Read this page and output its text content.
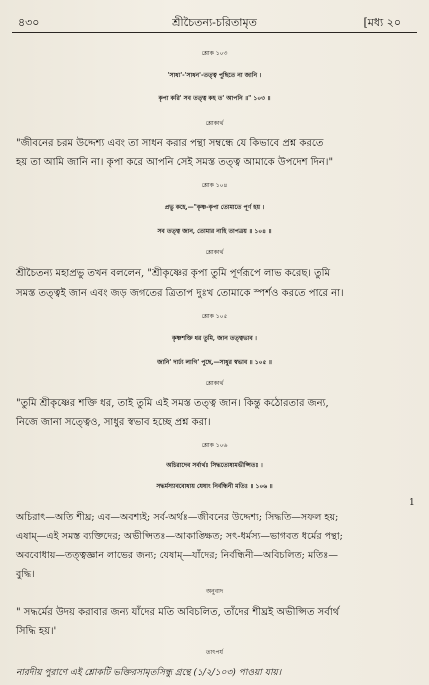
৪৩০	শ্রীচৈতন্য-চরিতামৃত	[মধ্য ২০
শ্লোক ১০৩
'সাধ্য'-'সাধন'-তত্ত্ব পুছিতে না জানি ।
কৃপা করি' সব তত্ত্ব কহ ত' আপনি ॥" ১০৩ ॥
শ্লোকার্থ
"জীবনের চরম উদ্দেশ্য এবং তা সাধন করার পন্থা সম্বন্ধে যে কিভাবে প্রশ্ন করতে
হয় তা আমি জানি না। কৃপা করে আপনি সেই সমস্ত তত্ত্ব আমাকে উপদেশ দিন।"
শ্লোক ১০৪
প্রভু কহে,—"কৃষ্ণ-কৃপা তোমাতে পূর্ণ হয় ।
সব তত্ত্ব জান, তোমার নাহি তাপত্রয় ॥ ১০৪ ॥
শ্লোকার্থ
শ্রীচৈতন্য মহাপ্রভু তখন বললেন, "শ্রীকৃষ্ণের কৃপা তুমি পূর্ণরূপে লাভ করেছ। তুমি
সমস্ত তত্ত্বই জান এবং জড় জগতের ত্রিতাপ দুঃখ তোমাকে স্পর্শও করতে পারে না।
শ্লোক ১০৫
কৃষ্ণশক্তি ধর তুমি, জান তত্ত্বভাব ।
জানি' দার্ঢ্য লাগি' পুছে,—সাধুর স্বভাব ॥ ১০৫ ॥
শ্লোকার্থ
"তুমি শ্রীকৃষ্ণের শক্তি ধর, তাই তুমি এই সমস্ত তত্ত্ব জান। কিন্তু কঠোরতার জন্য,
নিজে জানা সত্ত্বেও, সাধুর স্বভাব হচ্ছে প্রশ্ন করা।
শ্লোক ১০৬
অচিরাদেব সর্বার্থঃ সিদ্ধত্যেষামভীপ্সিতঃ ।
সদ্ধর্মস্যাববোধায় যেষাং নির্বন্ধিনী মতিঃ ॥ ১০৬ ॥
1
অচিরাৎ—অতি শীঘ্র; এব—অবশ্যই; সর্ব-অর্থঃ—জীবনের উদ্দেশ্য; সিদ্ধতি—সফল হয়;
এষাম্—এই সমস্ত ব্যক্তিদের; অভীপ্সিতঃ—আকাঙ্ক্ষিত; সৎ-ধর্মস্য—ভাগবত ধর্মের পন্থা;
অববোধায়—তত্ত্বজ্ঞান লাভের জন্য; যেষাম্—যাঁদের; নির্বন্ধিনী—অবিচলিত; মতিঃ—
বুদ্ধি।
অনুবাদ
" সদ্ধর্মের উদয় করাবার জন্য যাঁদের মতি অবিচলিত, তাঁদের শীঘ্রই অভীপ্সিত সর্বার্থ
সিদ্ধি হয়।'
তাৎপর্য
নারদীয় পুরাণে এই শ্লোকটি ভক্তিরসামৃতসিন্ধু গ্রন্থে (১/২/১০৩) পাওয়া যায়।
